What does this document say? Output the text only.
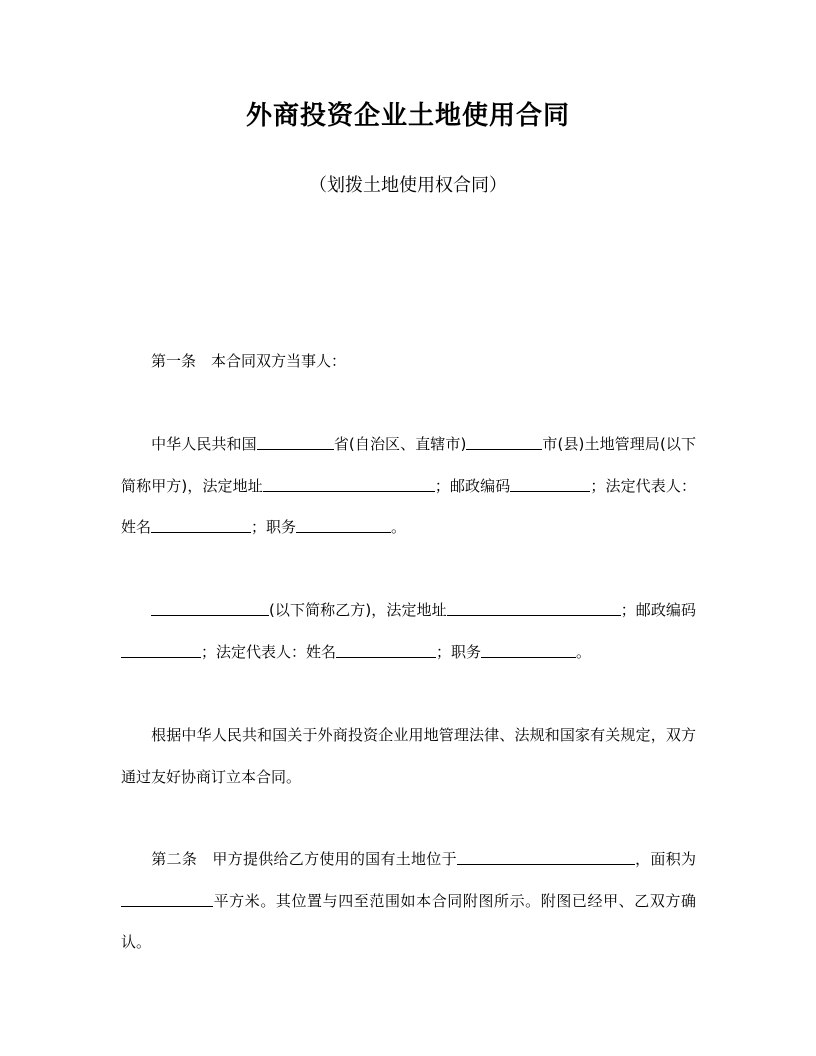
外商投资企业土地使用合同
（划拨土地使用权合同）
第一条 本合同双方当事人：
中华人民共和国	省(自治区、直辖市)	市(县)土地管理局(以下简称甲方)，法定地址	；邮政编码	；法定代表人：姓名	；职务	。
(以下简称乙方)，法定地址	；邮政编码；法定代表人：姓名	；职务	。
根据中华人民共和国关于外商投资企业用地管理法律、法规和国家有关规定，双方通过友好协商订立本合同。
第二条 甲方提供给乙方使用的国有土地位于	，面积为平方米。其位置与四至范围如本合同附图所示。附图已经甲、乙双方确认。
